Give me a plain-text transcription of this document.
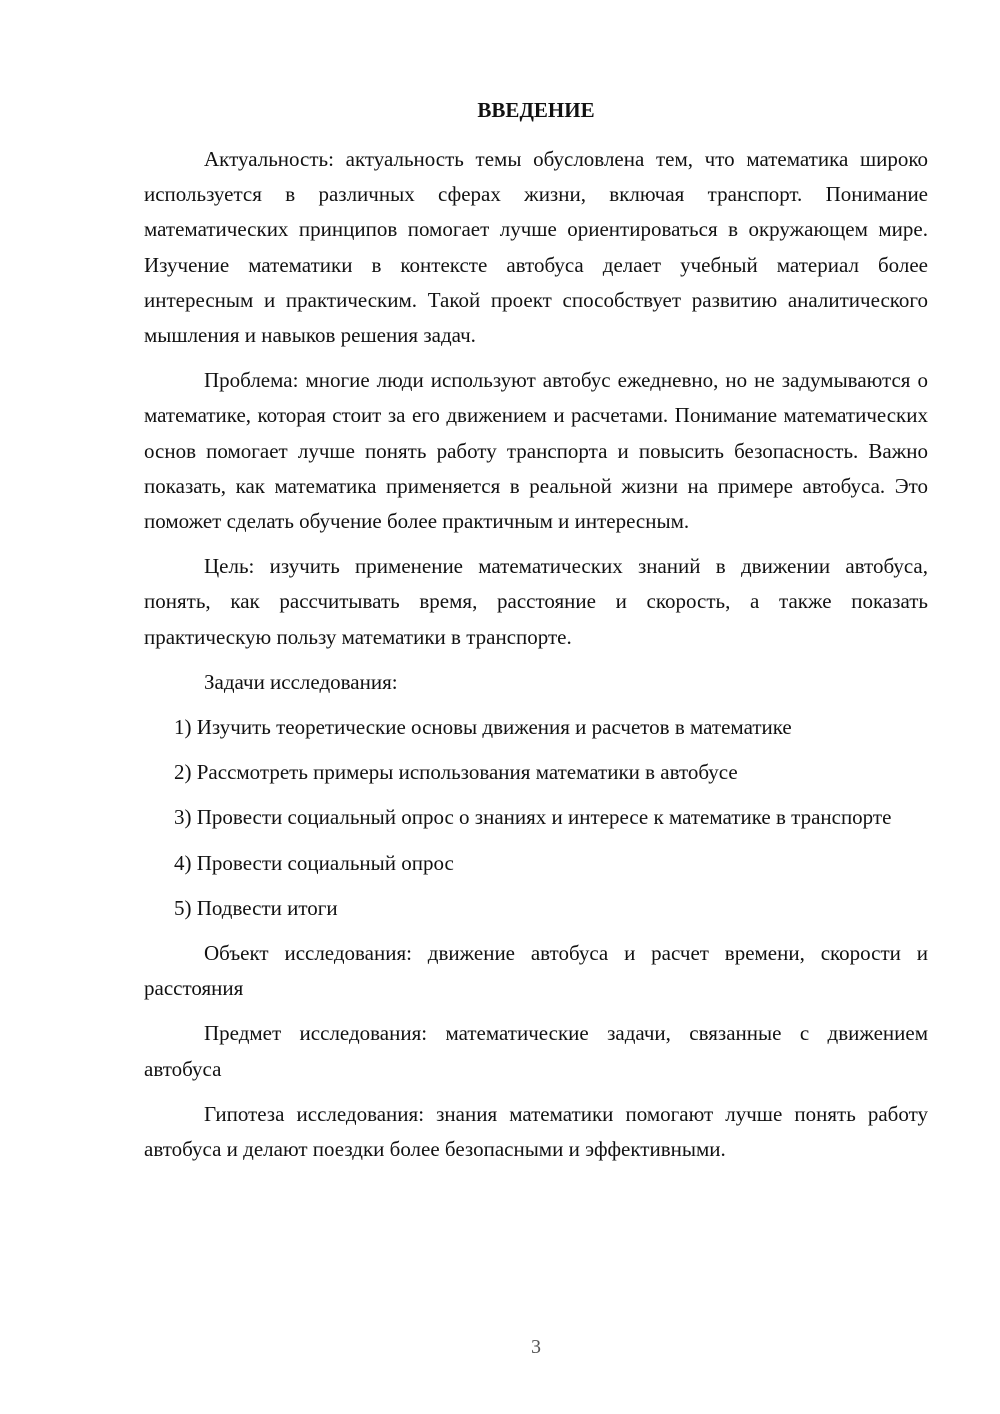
ВВЕДЕНИЕ

Актуальность: актуальность темы обусловлена тем, что математика широко используется в различных сферах жизни, включая транспорт. Понимание математических принципов помогает лучше ориентироваться в окружающем мире. Изучение математики в контексте автобуса делает учебный материал более интересным и практическим. Такой проект способствует развитию аналитического мышления и навыков решения задач.

Проблема: многие люди используют автобус ежедневно, но не задумываются о математике, которая стоит за его движением и расчетами. Понимание математических основ помогает лучше понять работу транспорта и повысить безопасность. Важно показать, как математика применяется в реальной жизни на примере автобуса. Это поможет сделать обучение более практичным и интересным.

Цель: изучить применение математических знаний в движении автобуса, понять, как рассчитывать время, расстояние и скорость, а также показать практическую пользу математики в транспорте.

Задачи исследования:

1) Изучить теоретические основы движения и расчетов в математике

2) Рассмотреть примеры использования математики в автобусе

3) Провести социальный опрос о знаниях и интересе к математике в транспорте

4) Провести социальный опрос

5) Подвести итоги

Объект исследования: движение автобуса и расчет времени, скорости и расстояния

Предмет исследования: математические задачи, связанные с движением автобуса

Гипотеза исследования: знания математики помогают лучше понять работу автобуса и делают поездки более безопасными и эффективными.

3
